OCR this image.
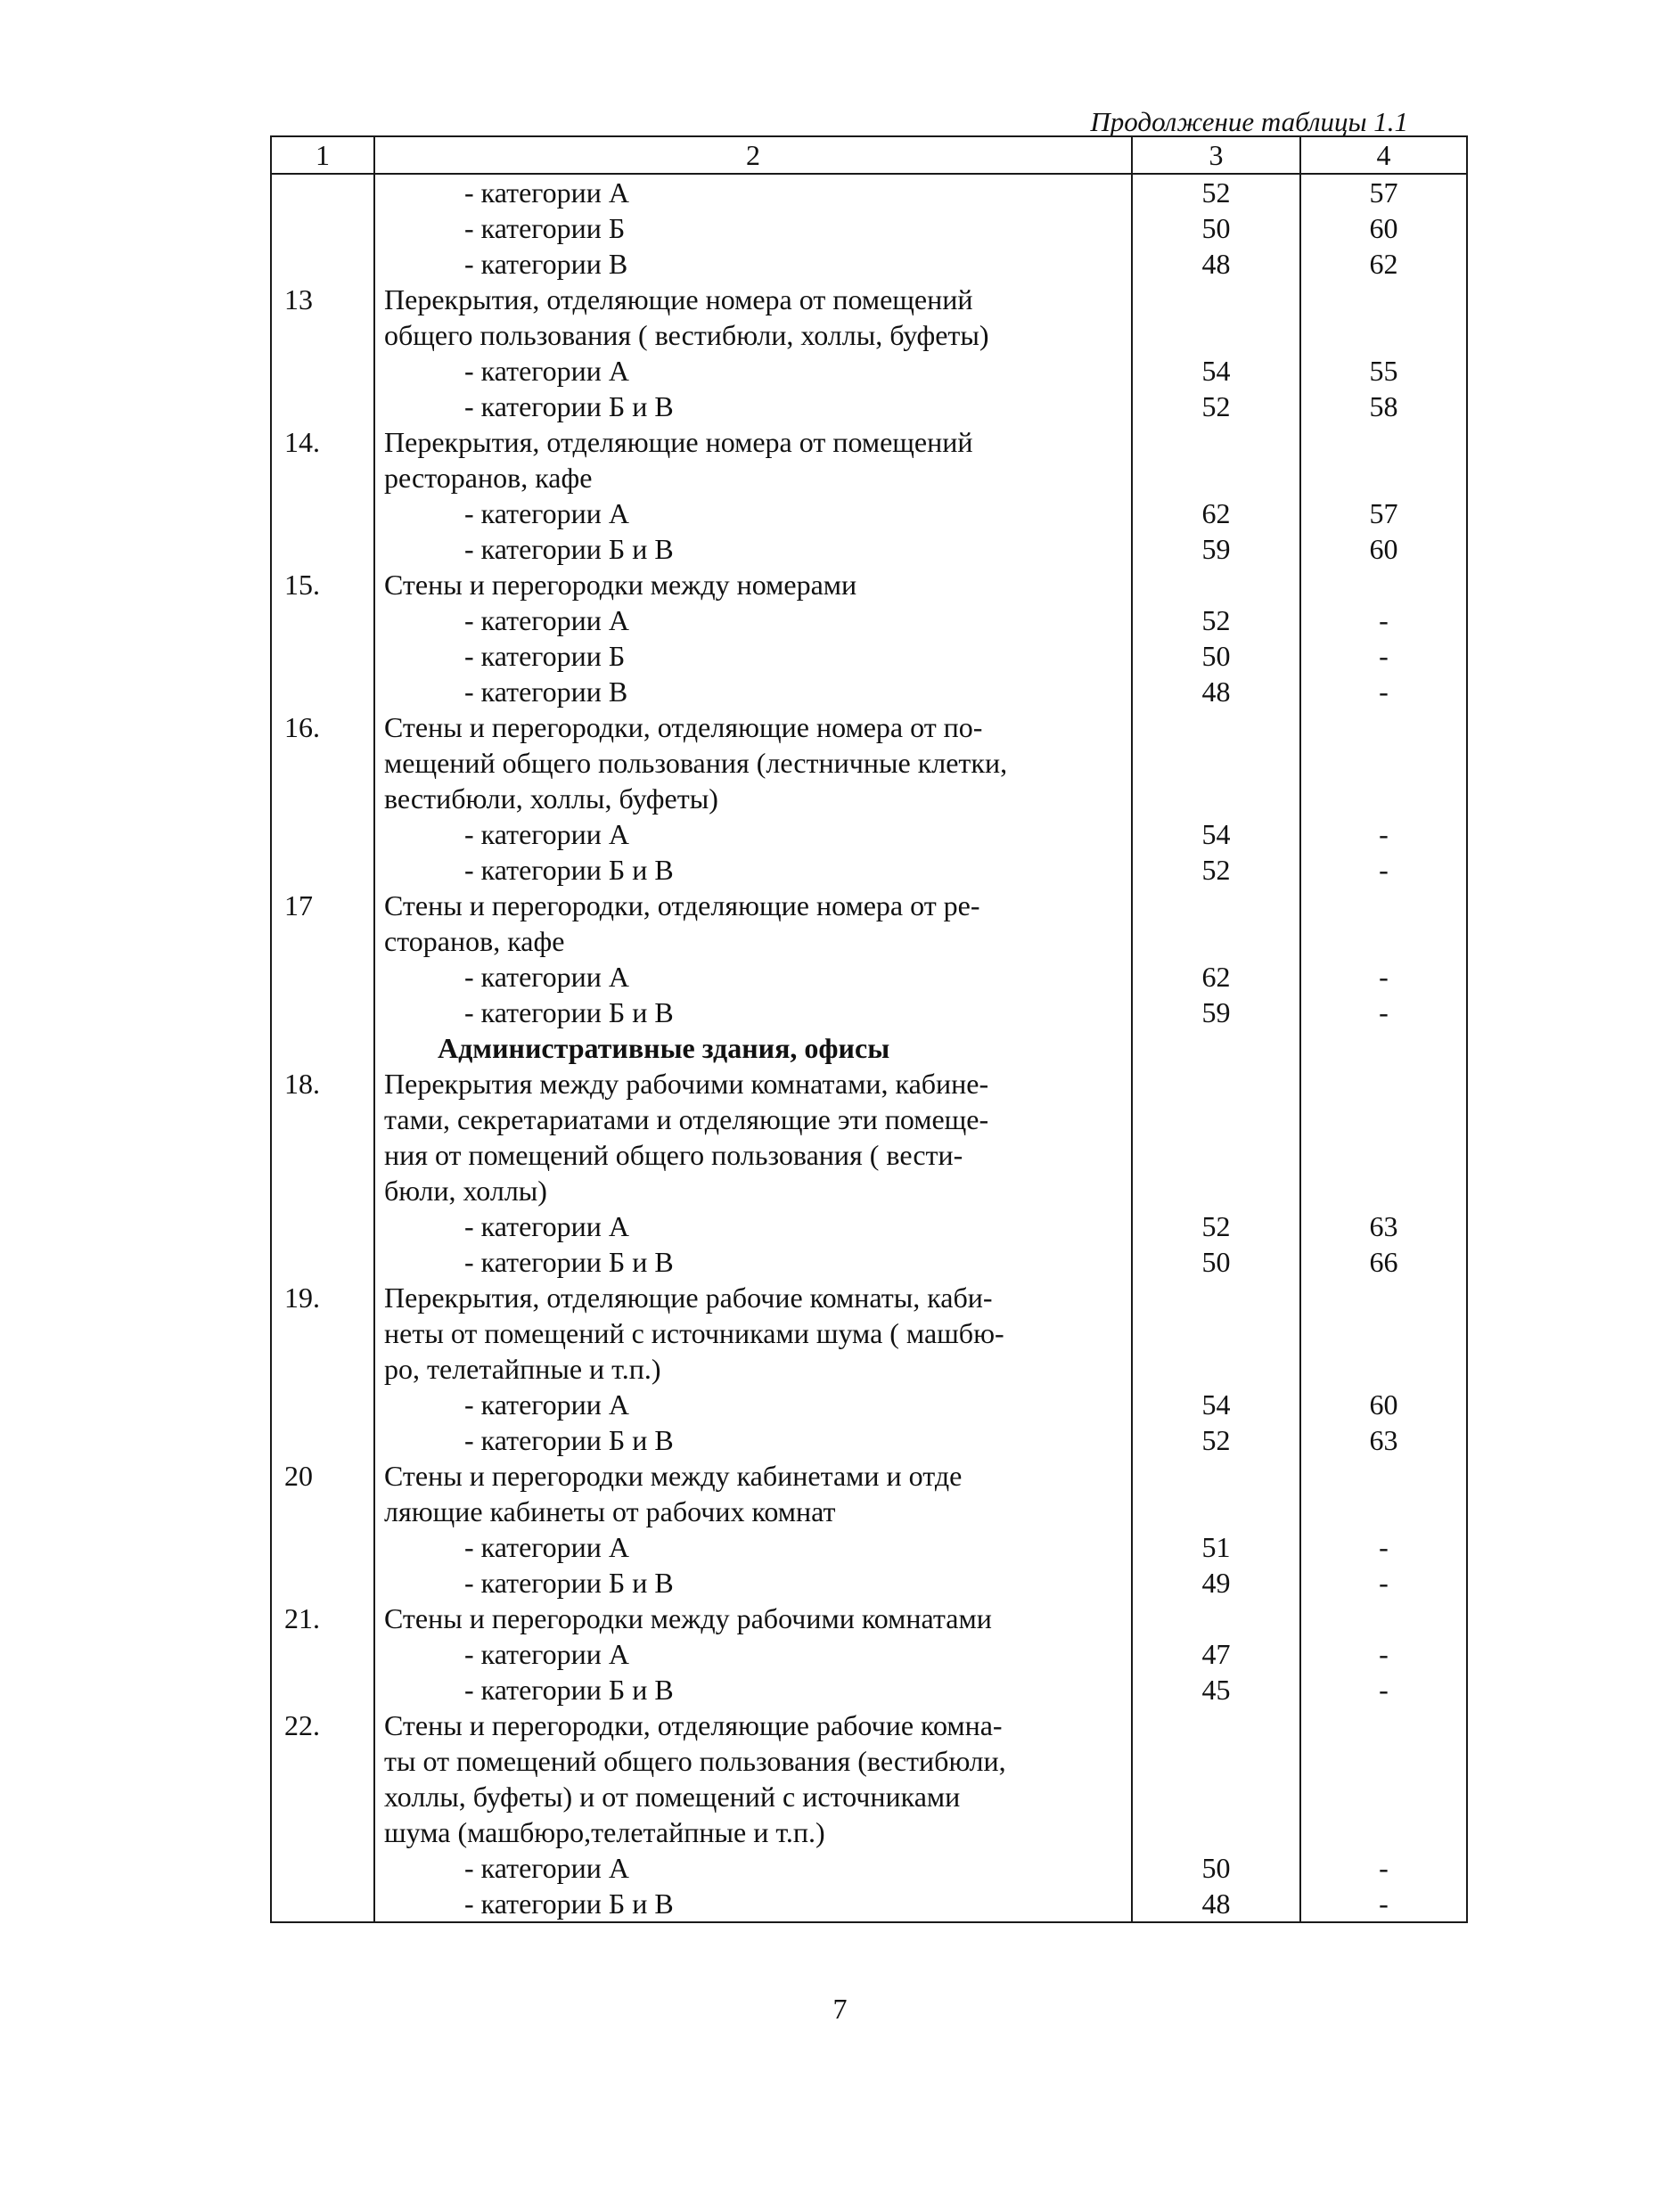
Продолжение таблицы 1.1
1	2	3	4
	- категории А	52	57
	- категории Б	50	60
	- категории В	48	62
13	Перекрытия, отделяющие номера от помещений		
	общего пользования ( вестибюли, холлы, буфеты)		
	- категории А	54	55
	- категории Б и В	52	58
14.	Перекрытия, отделяющие номера от помещений		
	ресторанов, кафе		
	- категории А	62	57
	- категории Б и В	59	60
15.	Стены и перегородки между номерами		
	- категории А	52	-
	- категории Б	50	-
	- категории В	48	-
16.	Стены и перегородки, отделяющие номера от по-		
	мещений общего пользования (лестничные клетки,		
	вестибюли, холлы, буфеты)		
	- категории А	54	-
	- категории Б и В	52	-
17	Стены и перегородки, отделяющие номера от ре-		
	сторанов, кафе		
	- категории А	62	-
	- категории Б и В	59	-
	Административные здания, офисы		
18.	Перекрытия между рабочими комнатами, кабине-		
	тами, секретариатами и отделяющие эти помеще-		
	ния от помещений общего пользования ( вести-		
	бюли, холлы)		
	- категории А	52	63
	- категории Б и В	50	66
19.	Перекрытия, отделяющие рабочие комнаты, каби-		
	неты от помещений с источниками шума ( машбю-		
	ро, телетайпные и т.п.)		
	- категории А	54	60
	- категории Б и В	52	63
20	Стены и перегородки между кабинетами и отде		
	ляющие кабинеты от рабочих комнат		
	- категории А	51	-
	- категории Б и В	49	-
21.	Стены и перегородки между рабочими комнатами		
	- категории А	47	-
	- категории Б и В	45	-
22.	Стены и перегородки, отделяющие рабочие комна-		
	ты от помещений общего пользования (вестибюли,		
	холлы, буфеты) и от помещений с источниками		
	шума (машбюро,телетайпные и т.п.)		
	- категории А	50	-
	- категории Б и В	48	-
7
